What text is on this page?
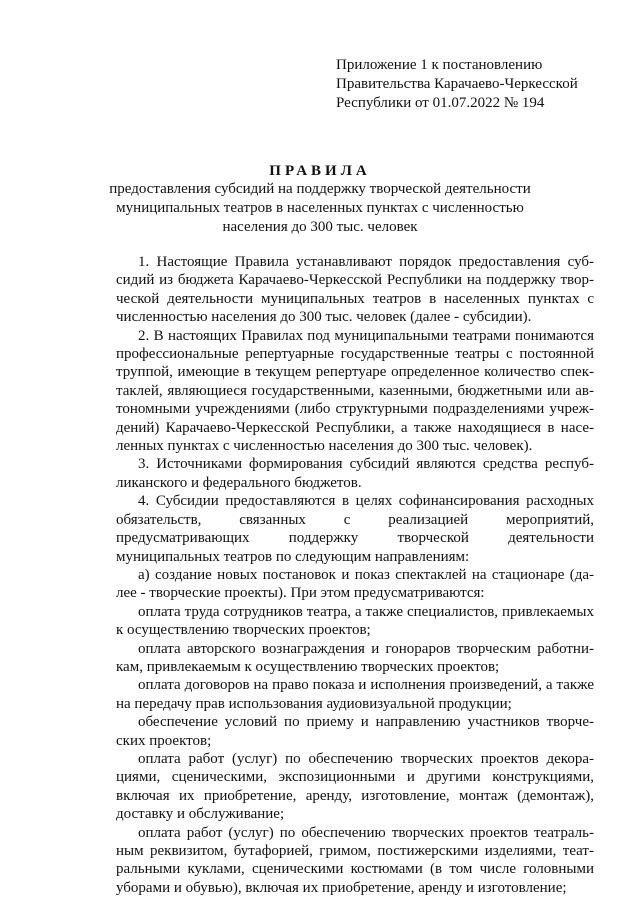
Приложение 1 к постановлению
Правительства Карачаево-Черкесской
Республики от 01.07.2022 № 194
ПРАВИЛА
предоставления субсидий на поддержку творческой деятельности муниципальных театров в населенных пунктах с численностью населения до 300 тыс. человек

1. Настоящие Правила устанавливают порядок предоставления субсидий из бюджета Карачаево-Черкесской Республики на поддержку творческой деятельности муниципальных театров в населенных пунктах с численностью населения до 300 тыс. человек (далее - субсидии).

2. В настоящих Правилах под муниципальными театрами понимаются профессиональные репертуарные государственные театры с постоянной труппой, имеющие в текущем репертуаре определенное количество спектаклей, являющиеся государственными, казенными, бюджетными или автономными учреждениями (либо структурными подразделениями учреждений) Карачаево-Черкесской Республики, а также находящиеся в населенных пунктах с численностью населения до 300 тыс. человек).

3. Источниками формирования субсидий являются средства республиканского и федерального бюджетов.

4. Субсидии предоставляются в целях софинансирования расходных обязательств, связанных с реализацией мероприятий, предусматривающих поддержку творческой деятельности муниципальных театров по следующим направлениям:

а) создание новых постановок и показ спектаклей на стационаре (далее - творческие проекты). При этом предусматриваются:

оплата труда сотрудников театра, а также специалистов, привлекаемых к осуществлению творческих проектов;

оплата авторского вознаграждения и гонораров творческим работникам, привлекаемым к осуществлению творческих проектов;

оплата договоров на право показа и исполнения произведений, а также на передачу прав использования аудиовизуальной продукции;

обеспечение условий по приему и направлению участников творческих проектов;

оплата работ (услуг) по обеспечению творческих проектов декорациями, сценическими, экспозиционными и другими конструкциями, включая их приобретение, аренду, изготовление, монтаж (демонтаж), доставку и обслуживание;

оплата работ (услуг) по обеспечению творческих проектов театральным реквизитом, бутафорией, гримом, постижерскими изделиями, театральными куклами, сценическими костюмами (в том числе головными уборами и обувью), включая их приобретение, аренду и изготовление;
